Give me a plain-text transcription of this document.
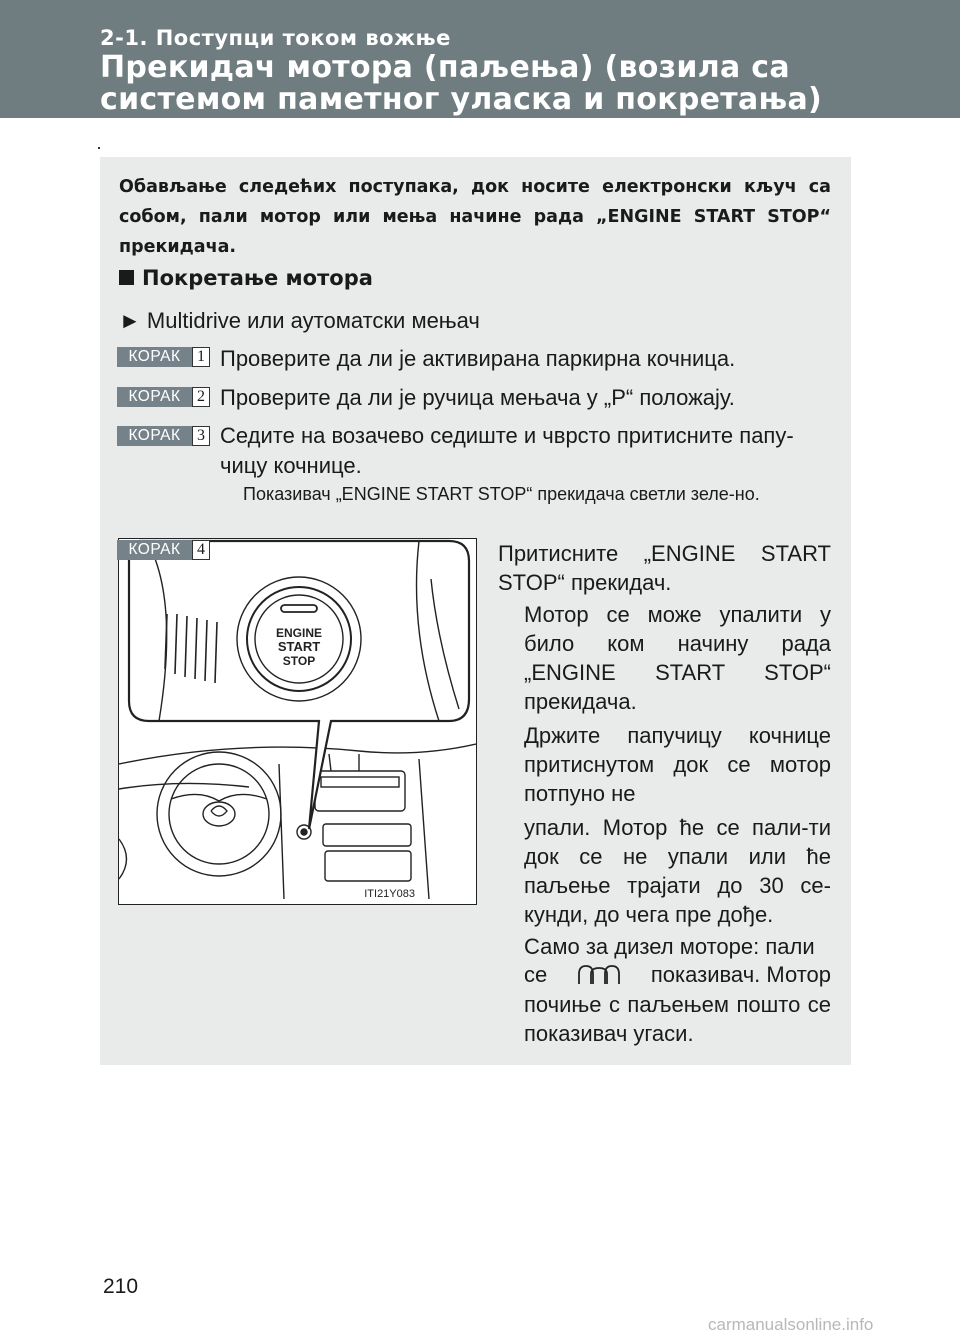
2-1. Поступци током вожње
Прекидач мотора (паљења) (возила са
системом паметног уласка и покретања)
Обављање следећих поступака, док носите електронски кључ са собом, пали мотор или мења начине рада „ENGINE START STOP“ прекидача.
Покретање мотора
► Multidrive или аутоматски мењач
КОРАК	1 Проверите да ли је активирана паркирна кочница.
КОРАК	2 Проверите да ли је ручица мењача у „P“ положају.
КОРАК	3 Седите на возачево седиште и чврсто притисните папу-
чицу кочнице.
Показивач „ENGINE START STOP“ прекидача светли зеле-но.
КОРАК	4
ENGINE
START
STOP
ITI21Y083
Притисните „ENGINE START STOP“ прекидач.
Мотор се може упалити у било ком начину рада „ENGINE START STOP“ прекидача.
Држите папучицу кочнице притиснутом док се мотор потпуно не
упали. Мотор ће се пали-ти док се не упали или ће паљење трајати до 30 се-кунди, до чега пре дође.
Само за дизел моторе: пали
се	показивач. Мотор
почиње с паљењем пошто се показивач угаси.
210
carmanualsonline.info
